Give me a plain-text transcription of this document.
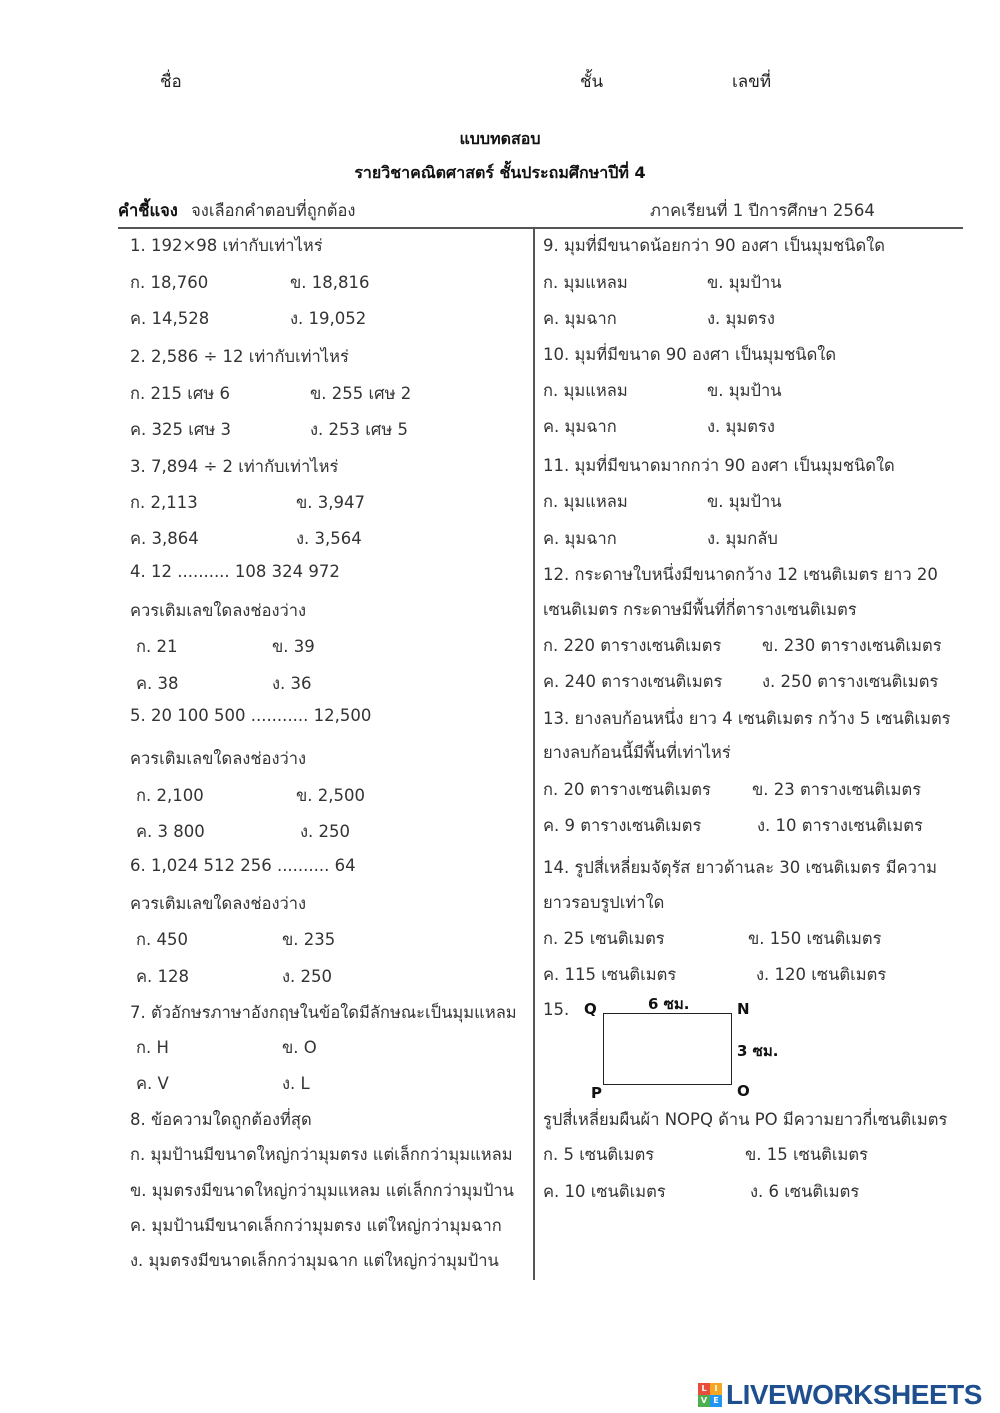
ชื่อ	ชั้น	เลขที่
แบบทดสอบ
รายวิชาคณิตศาสตร์ ชั้นประถมศึกษาปีที่ 4
คำชี้แจง จงเลือกคำตอบที่ถูกต้อง	ภาคเรียนที่ 1 ปีการศึกษา 2564
1. 192×98 เท่ากับเท่าไหร่
ก. 18,760	ข. 18,816
ค. 14,528	ง. 19,052
2. 2,586 ÷ 12 เท่ากับเท่าไหร่
ก. 215 เศษ 6	ข. 255 เศษ 2
ค. 325 เศษ 3	ง. 253 เศษ 5
3. 7,894 ÷ 2 เท่ากับเท่าไหร่
ก. 2,113	ข. 3,947
ค. 3,864	ง. 3,564
4. 12 .......... 108 324 972
ควรเติมเลขใดลงช่องว่าง
ก. 21	ข. 39
ค. 38	ง. 36
5. 20 100 500 ........... 12,500
ควรเติมเลขใดลงช่องว่าง
ก. 2,100	ข. 2,500
ค. 3 800	ง. 250
6. 1,024 512 256 .......... 64
ควรเติมเลขใดลงช่องว่าง
ก. 450	ข. 235
ค. 128	ง. 250
7. ตัวอักษรภาษาอังกฤษในข้อใดมีลักษณะเป็นมุมแหลม
ก. H	ข. O
ค. V	ง. L
8. ข้อความใดถูกต้องที่สุด
ก. มุมป้านมีขนาดใหญ่กว่ามุมตรง แต่เล็กกว่ามุมแหลม
ข. มุมตรงมีขนาดใหญ่กว่ามุมแหลม แต่เล็กกว่ามุมป้าน
ค. มุมป้านมีขนาดเล็กกว่ามุมตรง แต่ใหญ่กว่ามุมฉาก
ง. มุมตรงมีขนาดเล็กกว่ามุมฉาก แต่ใหญ่กว่ามุมป้าน
9. มุมที่มีขนาดน้อยกว่า 90 องศา เป็นมุมชนิดใด
ก. มุมแหลม	ข. มุมป้าน
ค. มุมฉาก	ง. มุมตรง
10. มุมที่มีขนาด 90 องศา เป็นมุมชนิดใด
ก. มุมแหลม	ข. มุมป้าน
ค. มุมฉาก	ง. มุมตรง
11. มุมที่มีขนาดมากกว่า 90 องศา เป็นมุมชนิดใด
ก. มุมแหลม	ข. มุมป้าน
ค. มุมฉาก	ง. มุมกลับ
12. กระดาษใบหนึ่งมีขนาดกว้าง 12 เซนติเมตร ยาว 20
เซนติเมตร กระดาษมีพื้นที่กี่ตารางเซนติเมตร
ก. 220 ตารางเซนติเมตร ข. 230 ตารางเซนติเมตร
ค. 240 ตารางเซนติเมตร ง. 250 ตารางเซนติเมตร
13. ยางลบก้อนหนึ่ง ยาว 4 เซนติเมตร กว้าง 5 เซนติเมตร
ยางลบก้อนนี้มีพื้นที่เท่าไหร่
ก. 20 ตารางเซนติเมตร ข. 23 ตารางเซนติเมตร
ค. 9 ตารางเซนติเมตร	ง. 10 ตารางเซนติเมตร
14. รูปสี่เหลี่ยมจัตุรัส ยาวด้านละ 30 เซนติเมตร มีความ
ยาวรอบรูปเท่าใด
ก. 25 เซนติเมตร	ข. 150 เซนติเมตร
ค. 115 เซนติเมตร	ง. 120 เซนติเมตร
15. Q	N
P	O
6 ซม.
3 ซม.
รูปสี่เหลี่ยมผืนผ้า NOPQ ด้าน PO มีความยาวกี่เซนติเมตร
ก. 5 เซนติเมตร	ข. 15 เซนติเมตร
ค. 10 เซนติเมตร	ง. 6 เซนติเมตร
L I
V E LIVEWORKSHEETS
